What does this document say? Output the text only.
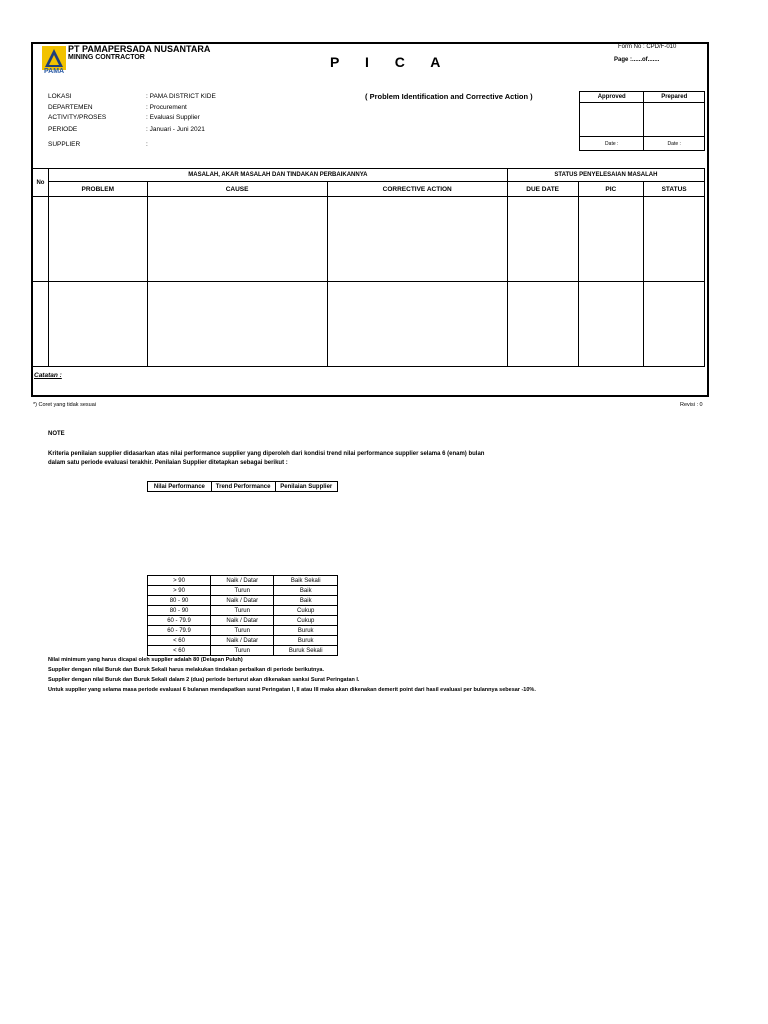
PT PAMAPERSADA NUSANTARA
MINING CONTRACTOR
PAMA
P I C A
Form No : CPD/F-010
Page :......of.......
LOKASI	: PAMA DISTRICT KIDE
DEPARTEMEN	: Procurement
ACTIVITY/PROSES	: Evaluasi Supplier
PERIODE	: Januari - Juni 2021
SUPPLIER	:
( Problem Identification and Corrective Action )	Approved	Prepared

Date :	Date :
No	MASALAH, AKAR MASALAH DAN TINDAKAN PERBAIKANNYA			STATUS PENYELESAIAN MASALAH		
	PROBLEM	CAUSE	CORRECTIVE ACTION	DUE DATE	PIC	STATUS

Catatan :
*) Coret yang tidak sesuai	Revisi : 0
NOTE
Kriteria penilaian supplier didasarkan atas nilai performance supplier yang diperoleh dari kondisi trend nilai performance supplier selama 6 (enam) bulan
dalam satu periode evaluasi terakhir. Penilaian Supplier ditetapkan sebagai berikut :
Nilai Performance	Trend Performance	Penilaian Supplier
> 90	Naik / Datar	Baik Sekali
> 90	Turun	Baik
80 - 90	Naik / Datar	Baik
80 - 90	Turun	Cukup
60 - 79.9	Naik / Datar	Cukup
60 - 79.9	Turun	Buruk
< 60	Naik / Datar	Buruk
< 60	Turun	Buruk Sekali
Nilai minimum yang harus dicapai oleh supplier adalah 80 (Delapan Puluh)
Supplier dengan nilai Buruk dan Buruk Sekali harus melakukan tindakan perbaikan di periode berikutnya.
Supplier dengan nilai Buruk dan Buruk Sekali dalam 2 (dua) periode berturut akan dikenakan sanksi Surat Peringatan I.
Untuk supplier yang selama masa periode evaluasi 6 bulanan mendapatkan surat Peringatan I, II atau III maka akan dikenakan demerit point dari hasil evaluasi per bulannya sebesar -10%.
